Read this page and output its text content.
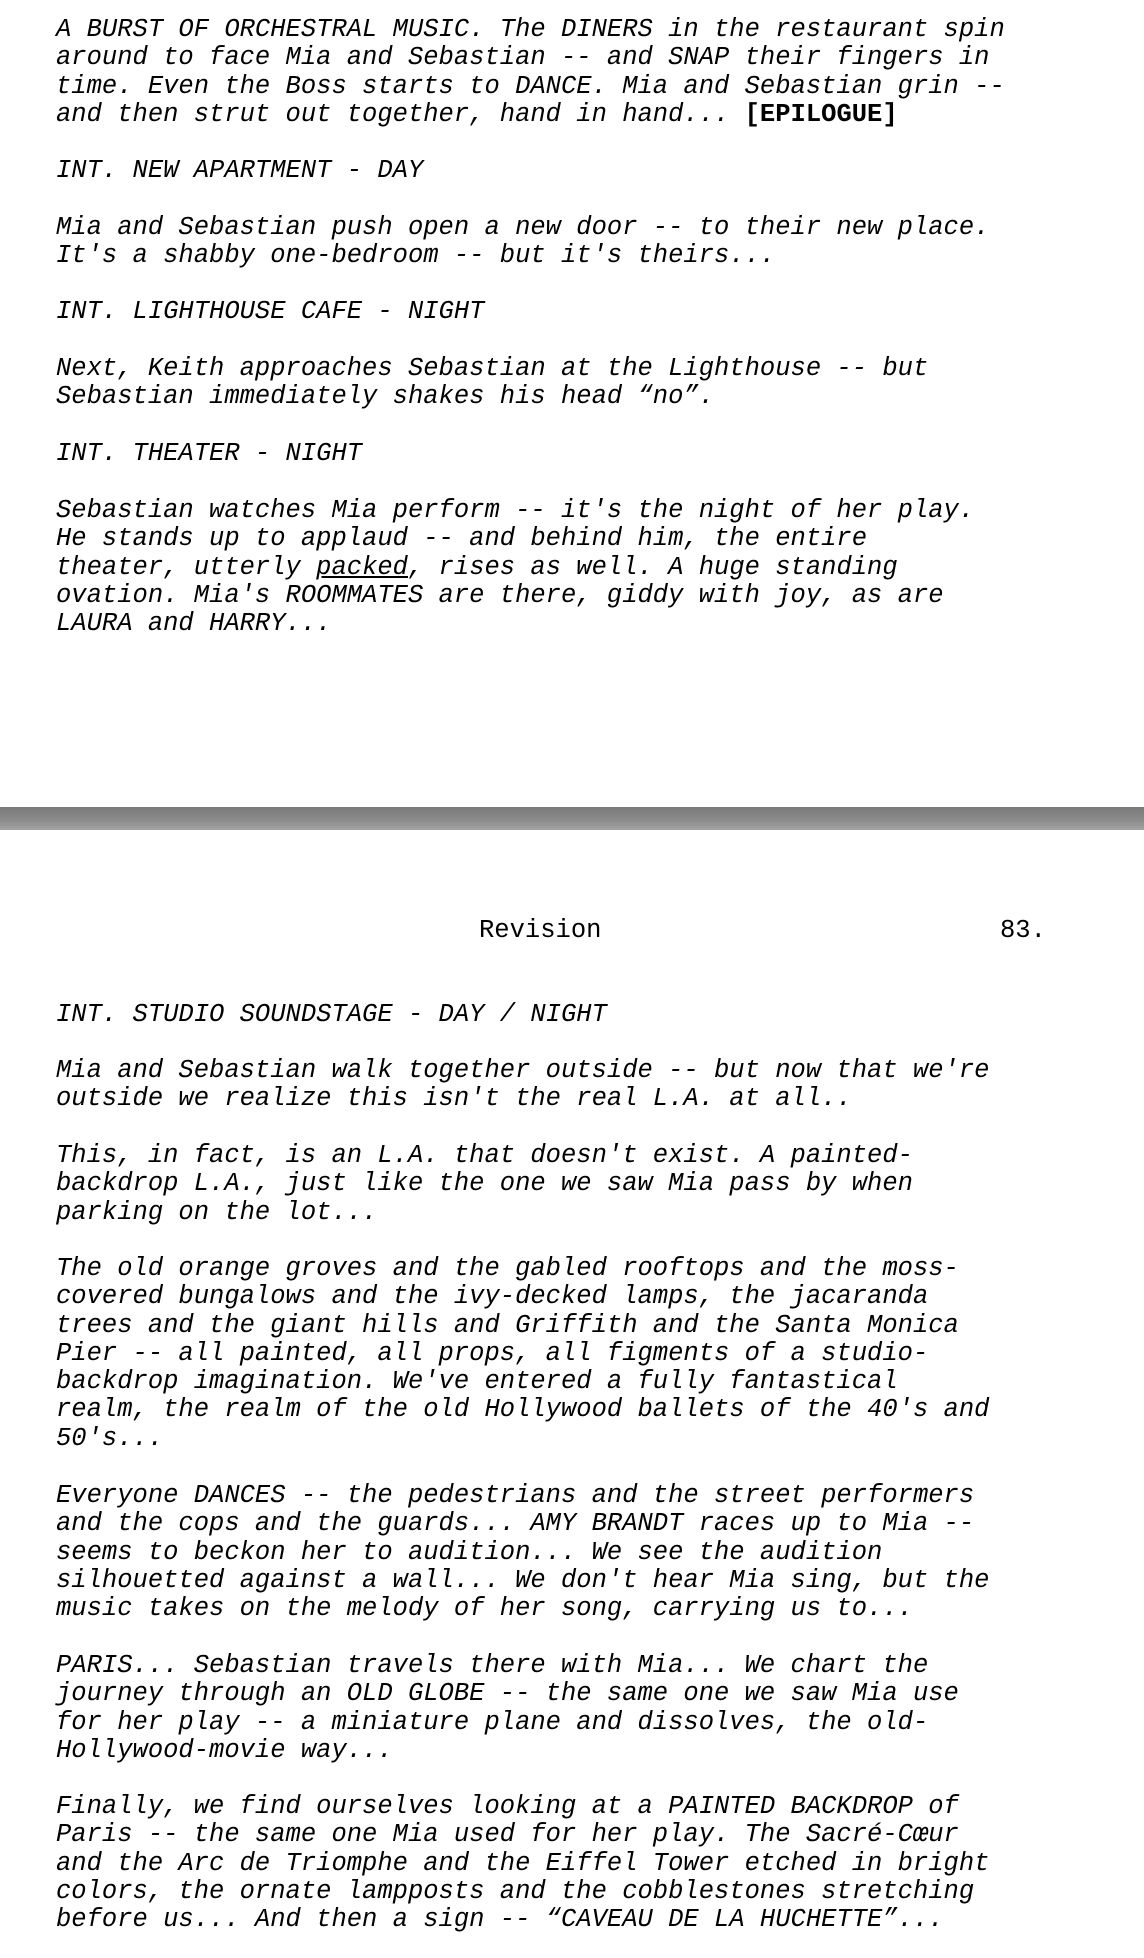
A BURST OF ORCHESTRAL MUSIC. The DINERS in the restaurant spin
around to face Mia and Sebastian -- and SNAP their fingers in
time. Even the Boss starts to DANCE. Mia and Sebastian grin --
and then strut out together, hand in hand... [EPILOGUE]
INT. NEW APARTMENT - DAY
Mia and Sebastian push open a new door -- to their new place.
It's a shabby one-bedroom -- but it's theirs...
INT. LIGHTHOUSE CAFE - NIGHT
Next, Keith approaches Sebastian at the Lighthouse -- but
Sebastian immediately shakes his head “no”.
INT. THEATER - NIGHT
Sebastian watches Mia perform -- it's the night of her play.
He stands up to applaud -- and behind him, the entire
theater, utterly packed, rises as well. A huge standing
ovation. Mia's ROOMMATES are there, giddy with joy, as are
LAURA and HARRY...
Revision	83.
INT. STUDIO SOUNDSTAGE - DAY / NIGHT
Mia and Sebastian walk together outside -- but now that we're
outside we realize this isn't the real L.A. at all..
This, in fact, is an L.A. that doesn't exist. A painted-
backdrop L.A., just like the one we saw Mia pass by when
parking on the lot...
The old orange groves and the gabled rooftops and the moss-
covered bungalows and the ivy-decked lamps, the jacaranda
trees and the giant hills and Griffith and the Santa Monica
Pier -- all painted, all props, all figments of a studio-
backdrop imagination. We've entered a fully fantastical
realm, the realm of the old Hollywood ballets of the 40's and
50's...
Everyone DANCES -- the pedestrians and the street performers
and the cops and the guards... AMY BRANDT races up to Mia --
seems to beckon her to audition... We see the audition
silhouetted against a wall... We don't hear Mia sing, but the
music takes on the melody of her song, carrying us to...
PARIS... Sebastian travels there with Mia... We chart the
journey through an OLD GLOBE -- the same one we saw Mia use
for her play -- a miniature plane and dissolves, the old-
Hollywood-movie way...
Finally, we find ourselves looking at a PAINTED BACKDROP of
Paris -- the same one Mia used for her play. The Sacré-Cœur
and the Arc de Triomphe and the Eiffel Tower etched in bright
colors, the ornate lampposts and the cobblestones stretching
before us... And then a sign -- “CAVEAU DE LA HUCHETTE”...
